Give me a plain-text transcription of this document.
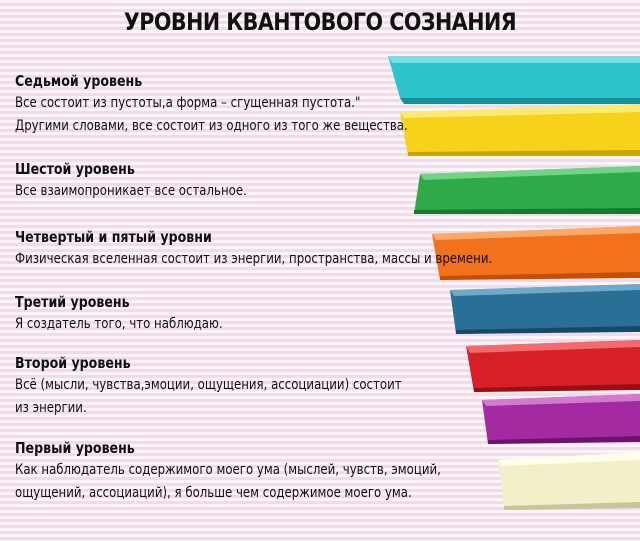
УРОВНИ КВАНТОВОГО СОЗНАНИЯ
Седьмой уровень
Все состоит из пустоты,а форма – сгущенная пустота."
Другими словами, все состоит из одного из того же вещества.
Шестой уровень
Все взаимопроникает все остальное.
Четвертый и пятый уровни
Физическая вселенная состоит из энергии, пространства, массы и времени.
Третий уровень
Я создатель того, что наблюдаю.
Второй уровень
Всё (мысли, чувства,эмоции, ощущения, ассоциации) состоит
из энергии.
Первый уровень
Как наблюдатель содержимого моего ума (мыслей, чувств, эмоций,
ощущений, ассоциаций), я больше чем содержимое моего ума.
